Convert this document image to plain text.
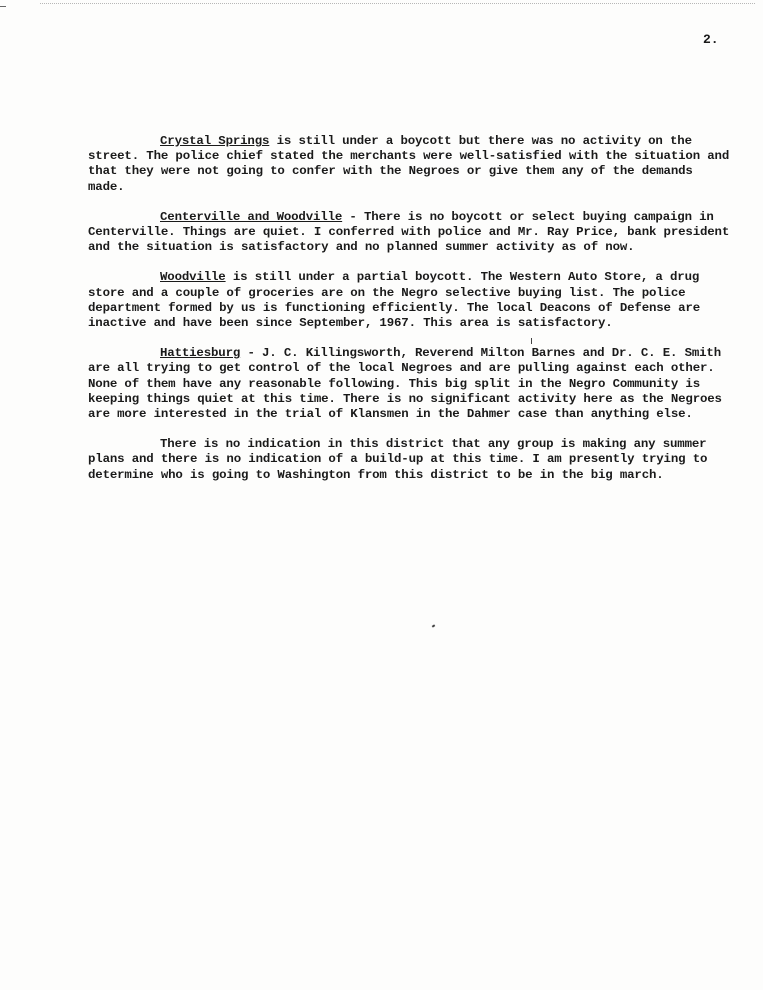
2.

Crystal Springs is still under a boycott but there was no activity on the street. The police chief stated the merchants were well-satisfied with the situation and that they were not going to confer with the Negroes or give them any of the demands made.

Centerville and Woodville - There is no boycott or select buying campaign in Centerville. Things are quiet. I conferred with police and Mr. Ray Price, bank president and the situation is satisfactory and no planned summer activity as of now.

Woodville is still under a partial boycott. The Western Auto Store, a drug store and a couple of groceries are on the Negro selective buying list. The police department formed by us is functioning efficiently. The local Deacons of Defense are inactive and have been since September, 1967. This area is satisfactory.

Hattiesburg - J. C. Killingsworth, Reverend Milton Barnes and Dr. C. E. Smith are all trying to get control of the local Negroes and are pulling against each other. None of them have any reasonable following. This big split in the Negro Community is keeping things quiet at this time. There is no significant activity here as the Negroes are more interested in the trial of Klansmen in the Dahmer case than anything else.

There is no indication in this district that any group is making any summer plans and there is no indication of a build-up at this time. I am presently trying to determine who is going to Washington from this district to be in the big march.
